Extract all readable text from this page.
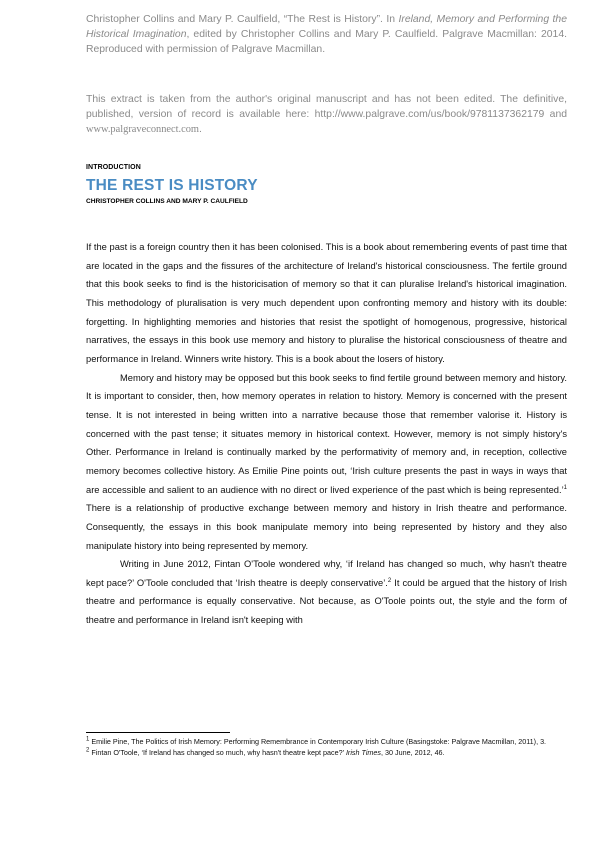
Christopher Collins and Mary P. Caulfield, “The Rest is History”. In Ireland, Memory and Performing the Historical Imagination, edited by Christopher Collins and Mary P. Caulfield. Palgrave Macmillan: 2014. Reproduced with permission of Palgrave Macmillan.
This extract is taken from the author's original manuscript and has not been edited. The definitive, published, version of record is available here: http://www.palgrave.com/us/book/9781137362179 and www.palgraveconnect.com.
INTRODUCTION
THE REST IS HISTORY
CHRISTOPHER COLLINS AND MARY P. CAULFIELD

If the past is a foreign country then it has been colonised. This is a book about remembering events of past time that are located in the gaps and the fissures of the architecture of Ireland's historical consciousness. The fertile ground that this book seeks to find is the historicisation of memory so that it can pluralise Ireland's historical imagination. This methodology of pluralisation is very much dependent upon confronting memory and history with its double: forgetting. In highlighting memories and histories that resist the spotlight of homogenous, progressive, historical narratives, the essays in this book use memory and history to pluralise the historical consciousness of theatre and performance in Ireland. Winners write history. This is a book about the losers of history.

Memory and history may be opposed but this book seeks to find fertile ground between memory and history. It is important to consider, then, how memory operates in relation to history. Memory is concerned with the present tense. It is not interested in being written into a narrative because those that remember valorise it. History is concerned with the past tense; it situates memory in historical context. However, memory is not simply history's Other. Performance in Ireland is continually marked by the performativity of memory and, in reception, collective memory becomes collective history. As Emilie Pine points out, ‘Irish culture presents the past in ways in ways that are accessible and salient to an audience with no direct or lived experience of the past which is being represented.’$^1$ There is a relationship of productive exchange between memory and history in Irish theatre and performance. Consequently, the essays in this book manipulate memory into being represented by history and they also manipulate history into being represented by memory.

Writing in June 2012, Fintan O'Toole wondered why, ‘if Ireland has changed so much, why hasn't theatre kept pace?’ O'Toole concluded that ‘Irish theatre is deeply conservative’.$^2$ It could be argued that the history of Irish theatre and performance is equally conservative. Not because, as O'Toole points out, the style and the form of theatre and performance in Ireland isn't keeping with

$^1$ Emilie Pine, The Politics of Irish Memory: Performing Remembrance in Contemporary Irish Culture (Basingstoke: Palgrave Macmillan, 2011), 3.

$^2$ Fintan O'Toole, ‘If Ireland has changed so much, why hasn't theatre kept pace?’ Irish Times, 30 June, 2012, 46.
